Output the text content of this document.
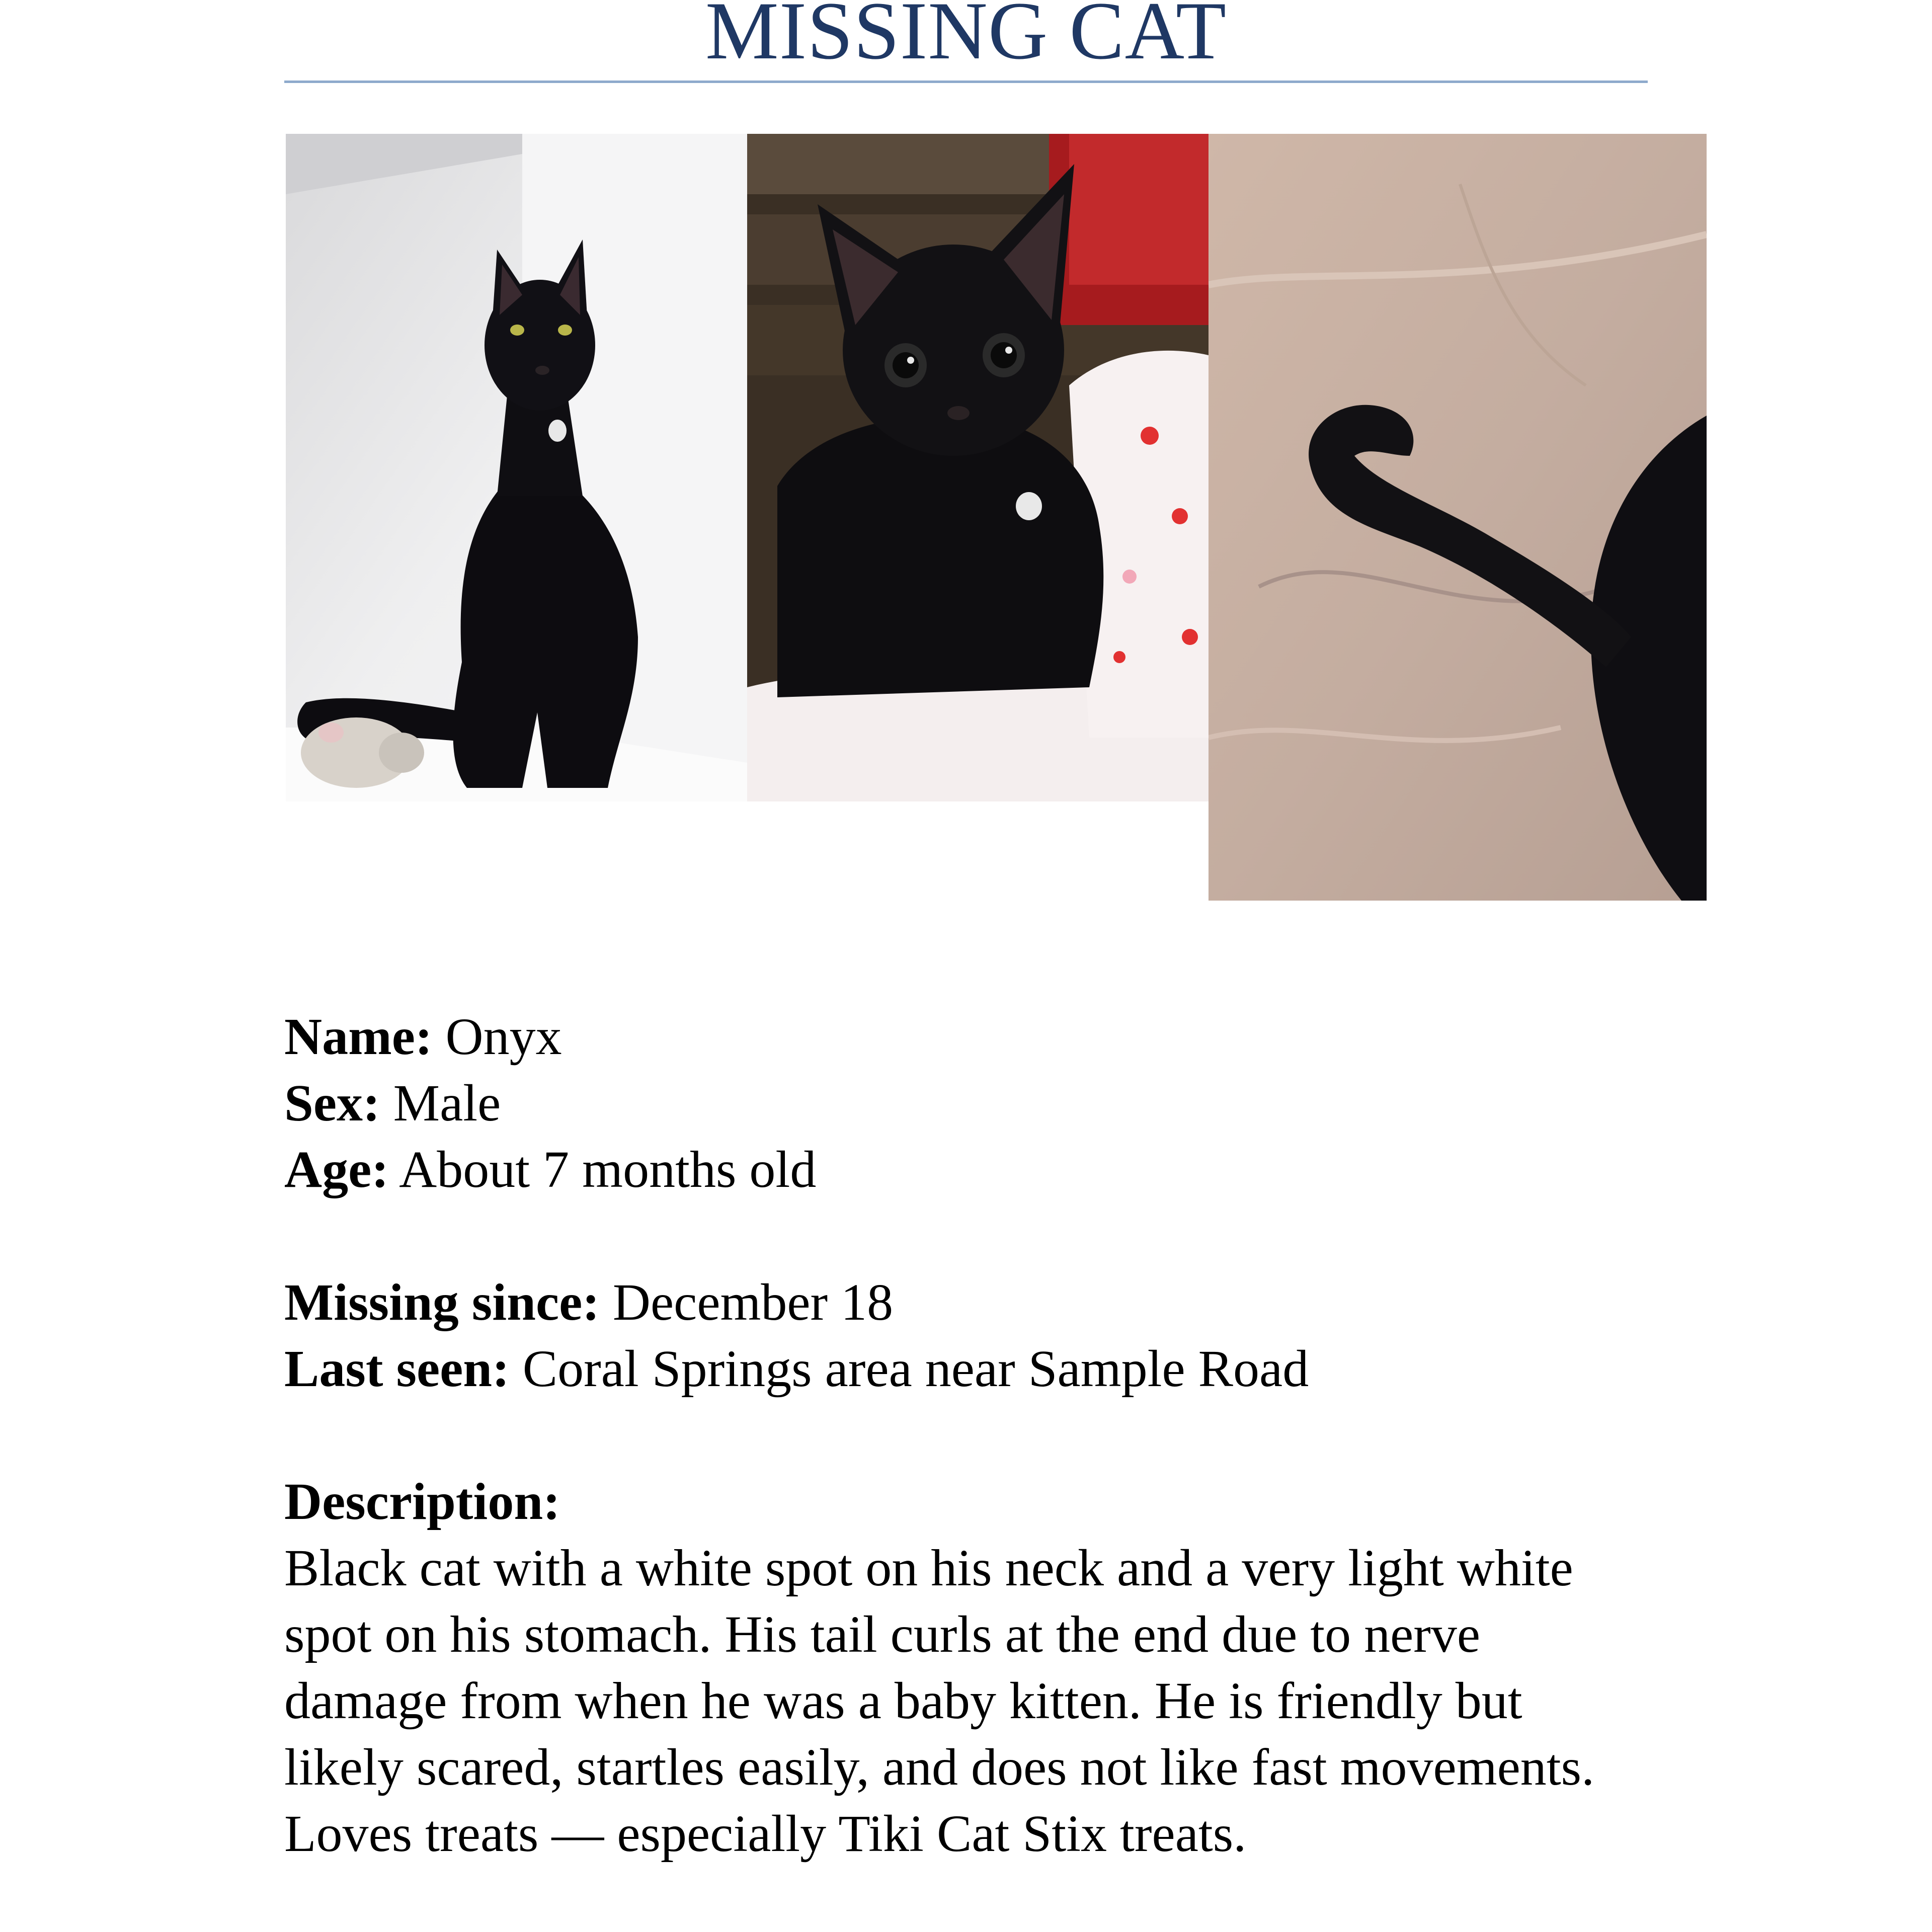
MISSING CAT
Name: Onyx
Sex: Male
Age: About 7 months old
Missing since: December 18
Last seen: Coral Springs area near Sample Road
Description:
Black cat with a white spot on his neck and a very light white spot on his stomach. His tail curls at the end due to nerve damage from when he was a baby kitten. He is friendly but likely scared, startles easily, and does not like fast movements. Loves treats — especially Tiki Cat Stix treats.
